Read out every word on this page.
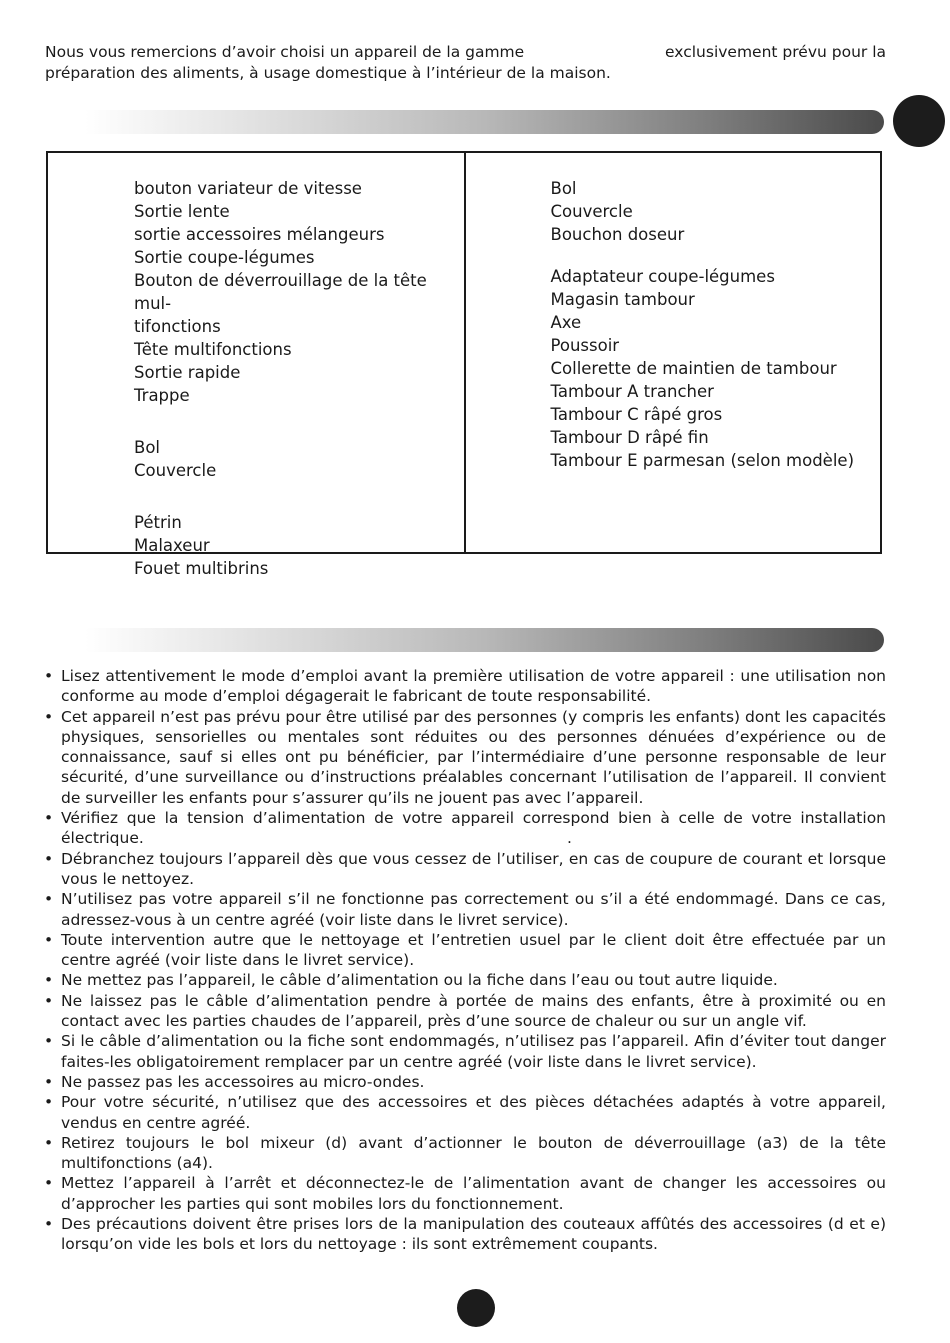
Nous vous remercions d’avoir choisi un appareil de la gamme	exclusivement prévu pour la
préparation des aliments, à usage domestique à l’intérieur de la maison.

bouton variateur de vitesse

Sortie lente

sortie accessoires mélangeurs

Sortie coupe-légumes

Bouton de déverrouillage de la tête mul-

tifonctions

Tête multifonctions

Sortie rapide

Trappe

Bol

Couvercle

Pétrin

Malaxeur

Fouet multibrins

Bol

Couvercle

Bouchon doseur

Adaptateur coupe-légumes

Magasin tambour

Axe

Poussoir

Collerette de maintien de tambour

Tambour A trancher

Tambour C râpé gros

Tambour D râpé fin

Tambour E parmesan (selon modèle)

• Lisez attentivement le mode d’emploi avant la première utilisation de votre appareil : une utilisation non conforme au mode d’emploi dégagerait le fabricant de toute responsabilité.
• Cet appareil n’est pas prévu pour être utilisé par des personnes (y compris les enfants) dont les capacités physiques, sensorielles ou mentales sont réduites ou des personnes dénuées d’expérience ou de connaissance, sauf si elles ont pu bénéficier, par l’intermédiaire d’une personne responsable de leur sécurité, d’une surveillance ou d’instructions préalables concernant l’utilisation de l’appareil. Il convient de surveiller les enfants pour s’assurer qu’ils ne jouent pas avec l’appareil.
• Vérifiez que la tension d’alimentation de votre appareil correspond bien à celle de votre installation électrique.
• Débranchez toujours l’appareil dès que vous cessez de l’utiliser, en cas de coupure de courant et lorsque vous le nettoyez.
• N’utilisez pas votre appareil s’il ne fonctionne pas correctement ou s’il a été endommagé. Dans ce cas, adressez-vous à un centre agréé (voir liste dans le livret service).
• Toute intervention autre que le nettoyage et l’entretien usuel par le client doit être effectuée par un centre agréé (voir liste dans le livret service).
• Ne mettez pas l’appareil, le câble d’alimentation ou la fiche dans l’eau ou tout autre liquide.
• Ne laissez pas le câble d’alimentation pendre à portée de mains des enfants, être à proximité ou en contact avec les parties chaudes de l’appareil, près d’une source de chaleur ou sur un angle vif.
• Si le câble d’alimentation ou la fiche sont endommagés, n’utilisez pas l’appareil. Afin d’éviter tout danger faites-les obligatoirement remplacer par un centre agréé (voir liste dans le livret service).
• Ne passez pas les accessoires au micro-ondes.
• Pour votre sécurité, n’utilisez que des accessoires et des pièces détachées adaptés à votre appareil, vendus en centre agréé.
• Retirez toujours le bol mixeur (d) avant d’actionner le bouton de déverrouillage (a3) de la tête multifonctions (a4).
• Mettez l’appareil à l’arrêt et déconnectez-le de l’alimentation avant de changer les accessoires ou d’approcher les parties qui sont mobiles lors du fonctionnement.
• Des précautions doivent être prises lors de la manipulation des couteaux affûtés des accessoires (d et e) lorsqu’on vide les bols et lors du nettoyage : ils sont extrêmement coupants.
.
